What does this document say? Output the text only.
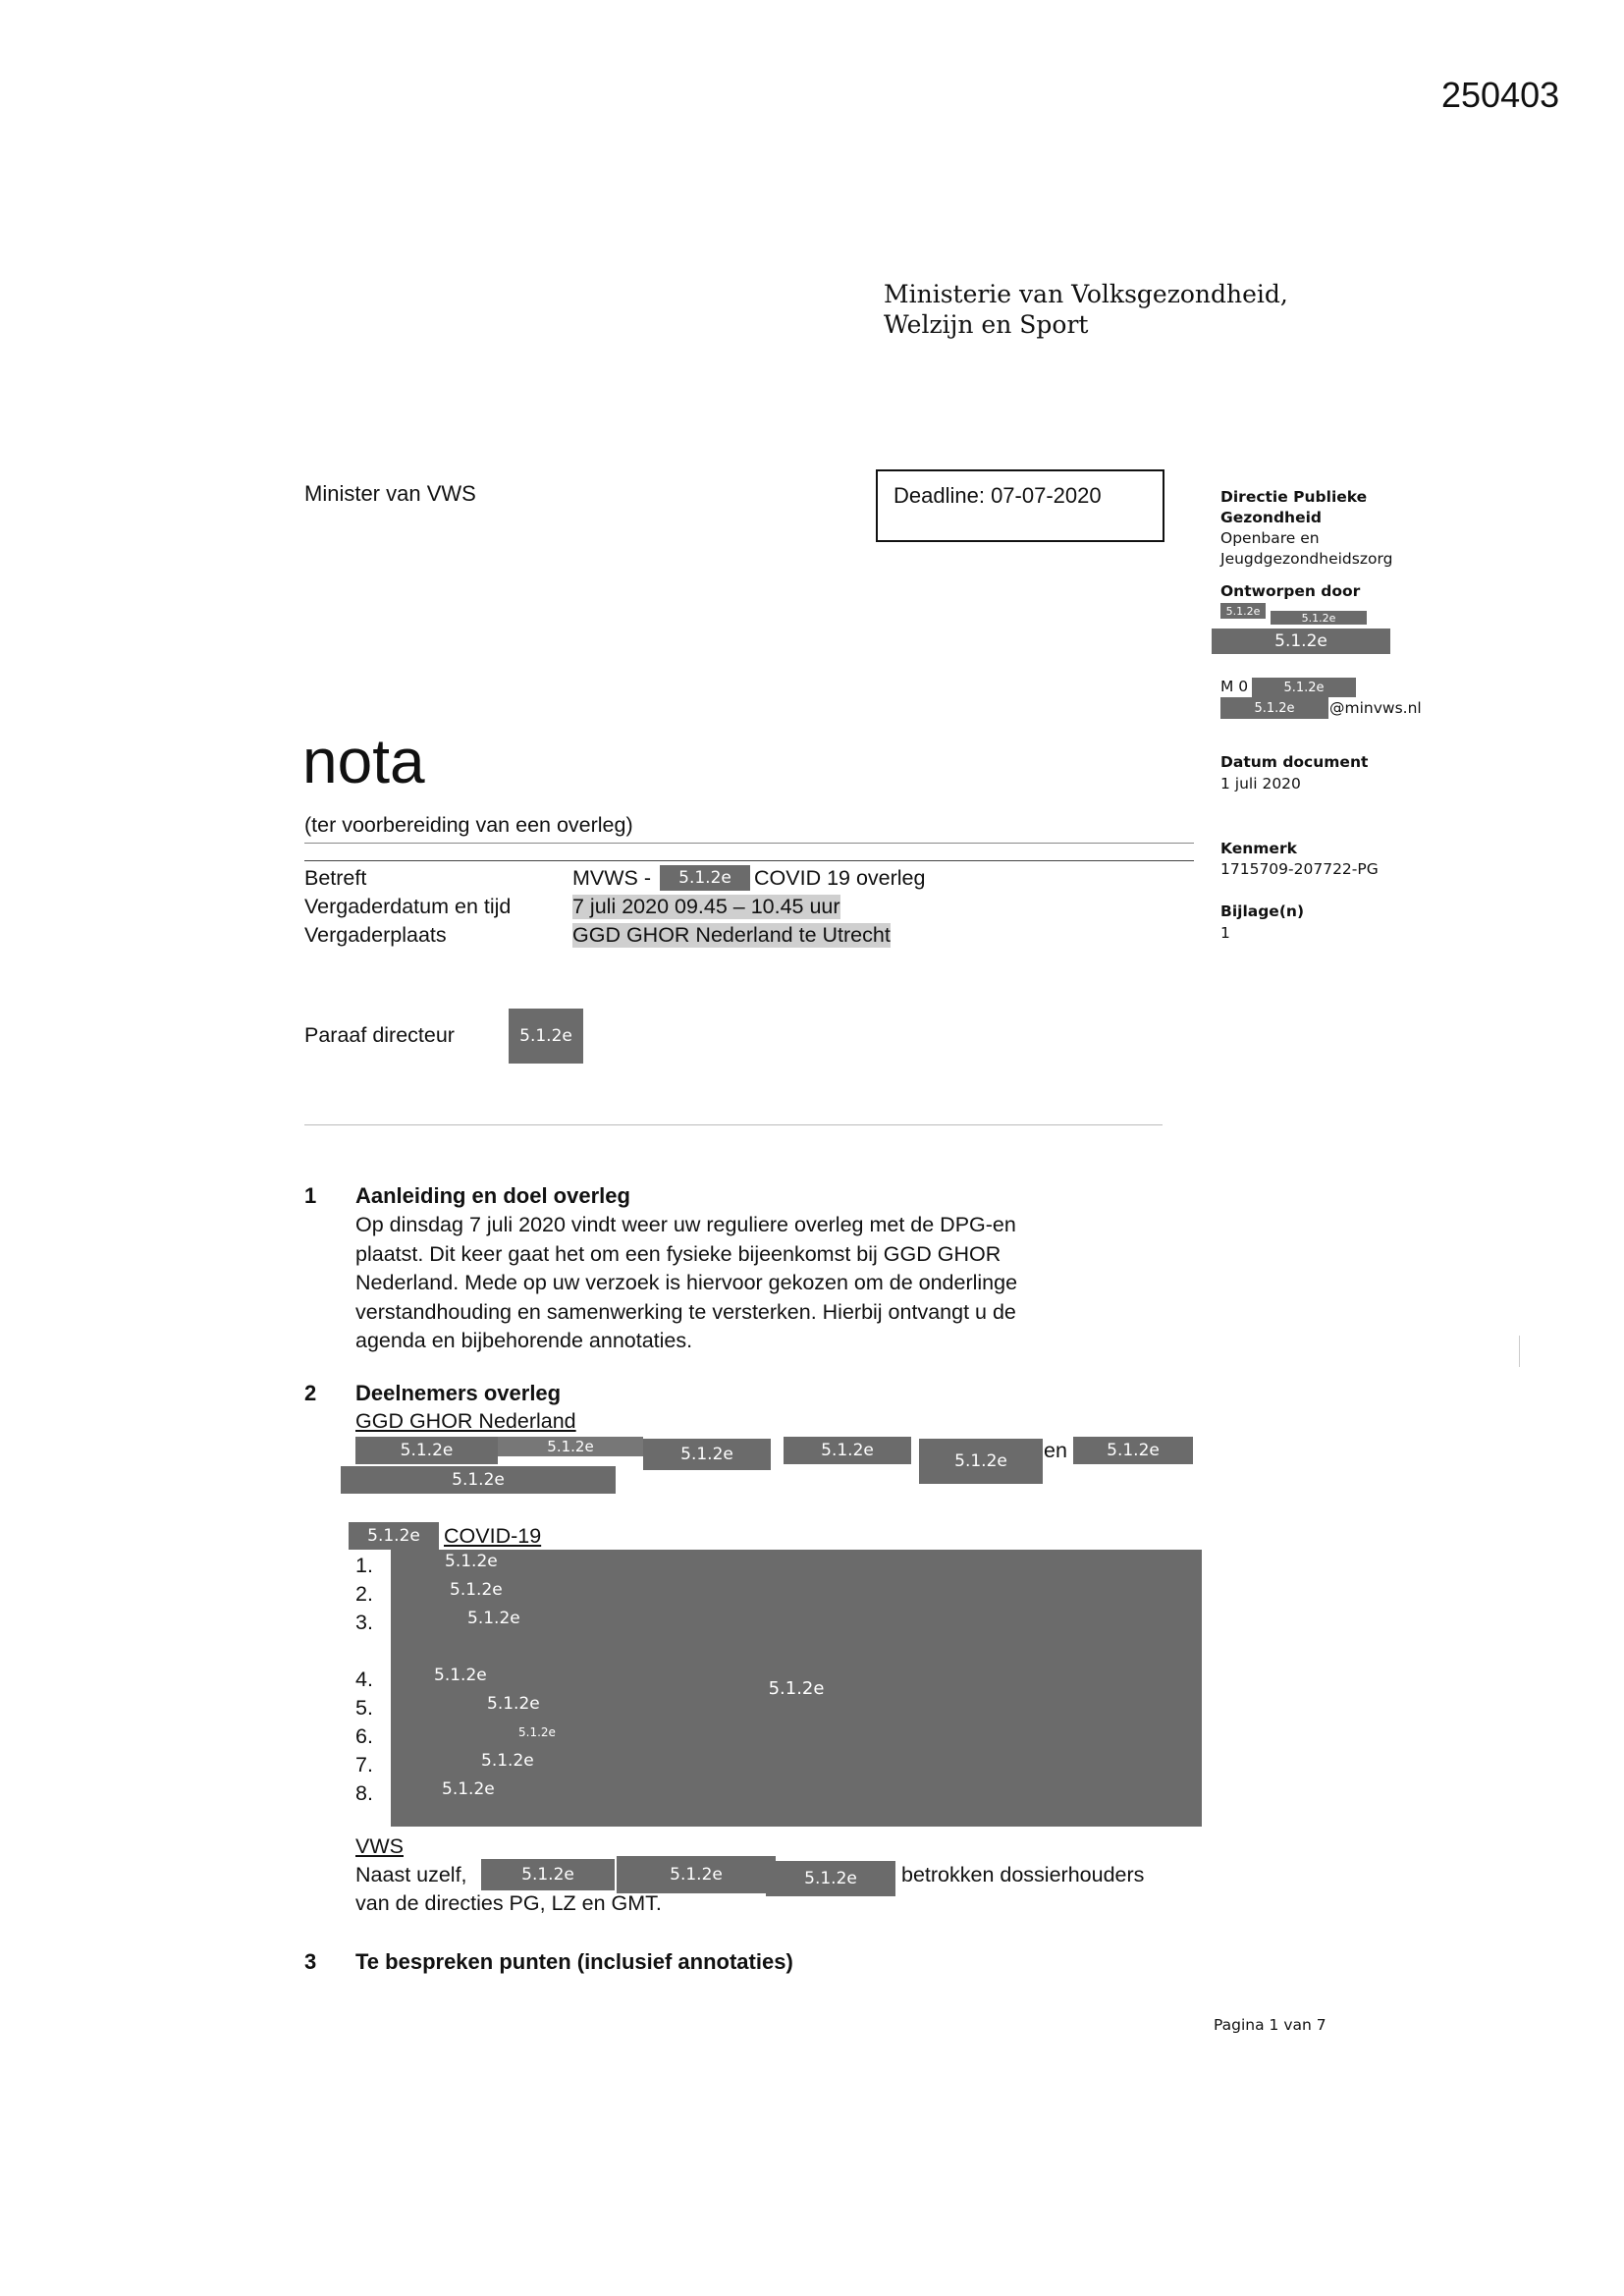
250403
Ministerie van Volksgezondheid,
Welzijn en Sport
Minister van VWS	Deadline: 07-07-2020	Directie Publieke
Gezondheid
Openbare en
Jeugdgezondheidszorg
Ontworpen door
5.1.2e
5.1.2e
5.1.2e
M 0	5.1.2e
5.1.2e	@minvws.nl
Datum document
1 juli 2020
Kenmerk
1715709-207722-PG
Bijlage(n)
1
nota
(ter voorbereiding van een overleg)
Betreft	MVWS -	5.1.2e	COVID 19 overleg
Vergaderdatum en tijd	7 juli 2020 09.45 – 10.45 uur
Vergaderplaats	GGD GHOR Nederland te Utrecht
Paraaf directeur	5.1.2e
1 Aanleiding en doel overleg
Op dinsdag 7 juli 2020 vindt weer uw reguliere overleg met de DPG-en
plaatst. Dit keer gaat het om een fysieke bijeenkomst bij GGD GHOR
Nederland. Mede op uw verzoek is hiervoor gekozen om de onderlinge
verstandhouding en samenwerking te versterken. Hierbij ontvangt u de
agenda en bijbehorende annotaties.
2 Deelnemers overleg
GGD GHOR Nederland
5.1.2e	5.1.2e	5.1.2e	5.1.2e
5.1.2e	en	5.1.2e
5.1.2e
5.1.2e	COVID-19
1.
2.
3.
4.
5.
6.
7.
8.
5.1.2e
5.1.2e
5.1.2e
5.1.2e
5.1.2e
5.1.2e
5.1.2e
5.1.2e
5.1.2e
VWS
Naast uzelf,	5.1.2e	5.1.2e	5.1.2e	betrokken dossierhouders
van de directies PG, LZ en GMT.
3 Te bespreken punten (inclusief annotaties)
Pagina 1 van 7
